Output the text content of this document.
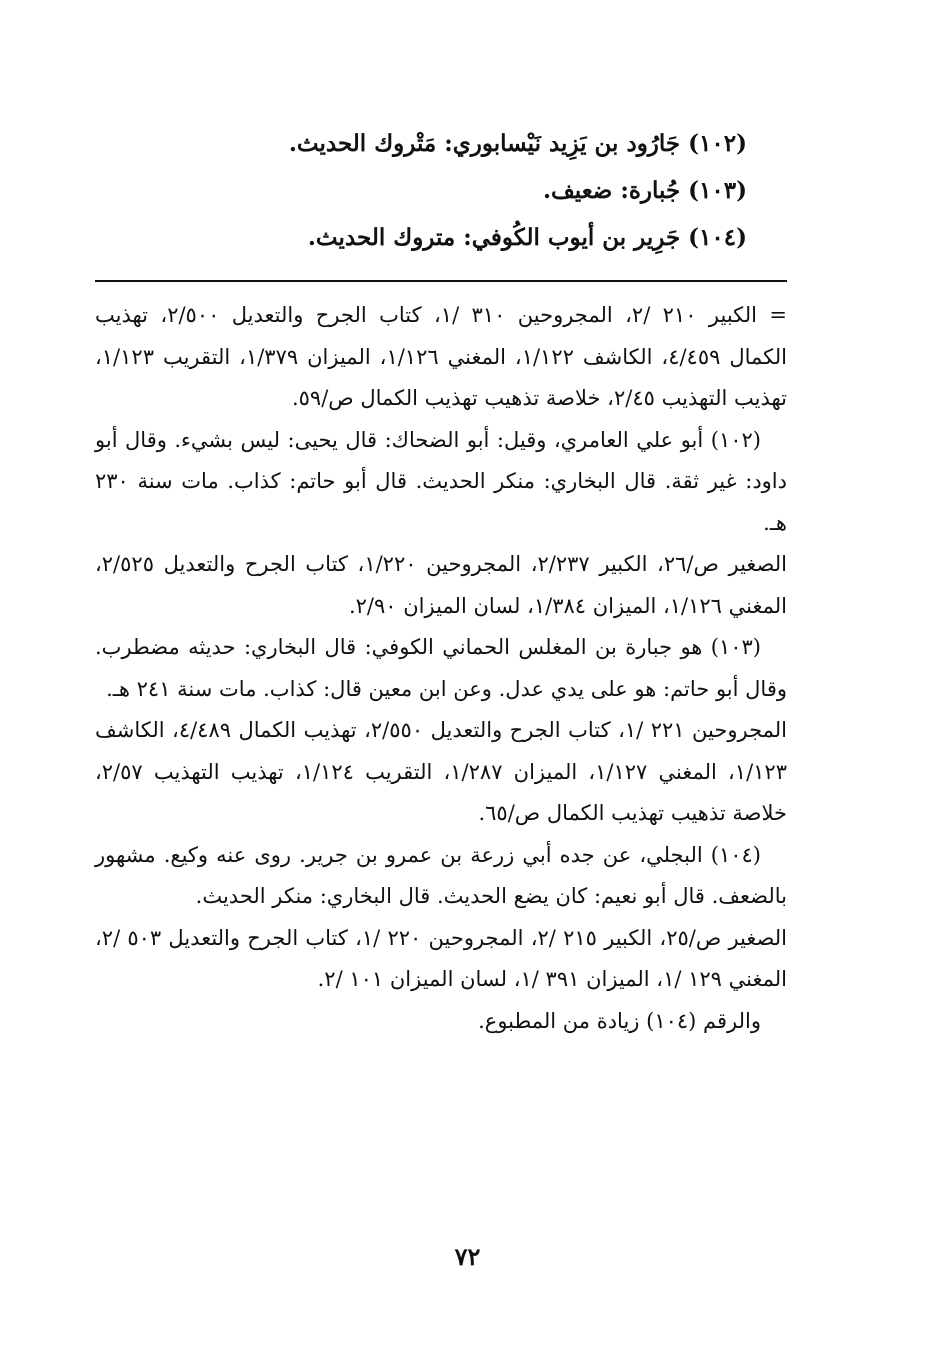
(١٠٢) جَارُود بن يَزِيد نَيْسابوري: مَتْروك الحديث.
(١٠٣) جُبارة: ضعيف.
(١٠٤) جَرِير بن أيوب الكُوفي: متروك الحديث.

= الكبير ٢١٠ /٢، المجروحين ٣١٠ /١، كتاب الجرح والتعديل ٢/٥٠٠، تهذيب الكمال ٤/٤٥٩، الكاشف ١/١٢٢، المغني ١/١٢٦، الميزان ١/٣٧٩، التقريب ١/١٢٣، تهذيب التهذيب ٢/٤٥، خلاصة تذهيب تهذيب الكمال ص/٥٩.

(١٠٢) أبو علي العامري، وقيل: أبو الضحاك: قال يحيى: ليس بشيء. وقال أبو داود: غير ثقة. قال البخاري: منكر الحديث. قال أبو حاتم: كذاب. مات سنة ٢٣٠ هـ.

الصغير ص/٢٦، الكبير ٢/٢٣٧، المجروحين ١/٢٢٠، كتاب الجرح والتعديل ٢/٥٢٥، المغني ١/١٢٦، الميزان ١/٣٨٤، لسان الميزان ٢/٩٠.

(١٠٣) هو جبارة بن المغلس الحماني الكوفي: قال البخاري: حديثه مضطرب. وقال أبو حاتم: هو على يدي عدل. وعن ابن معين قال: كذاب. مات سنة ٢٤١ هـ.

المجروحين ٢٢١ /١، كتاب الجرح والتعديل ٢/٥٥٠، تهذيب الكمال ٤/٤٨٩، الكاشف ١/١٢٣، المغني ١/١٢٧، الميزان ١/٢٨٧، التقريب ١/١٢٤، تهذيب التهذيب ٢/٥٧، خلاصة تذهيب تهذيب الكمال ص/٦٥.

(١٠٤) البجلي، عن جده أبي زرعة بن عمرو بن جرير. روى عنه وكيع. مشهور بالضعف. قال أبو نعيم: كان يضع الحديث. قال البخاري: منكر الحديث.

الصغير ص/٢٥، الكبير ٢١٥ /٢، المجروحين ٢٢٠ /١، كتاب الجرح والتعديل ٥٠٣ /٢، المغني ١٢٩ /١، الميزان ٣٩١ /١، لسان الميزان ١٠١ /٢.

والرقم (١٠٤) زيادة من المطبوع.

٧٢
